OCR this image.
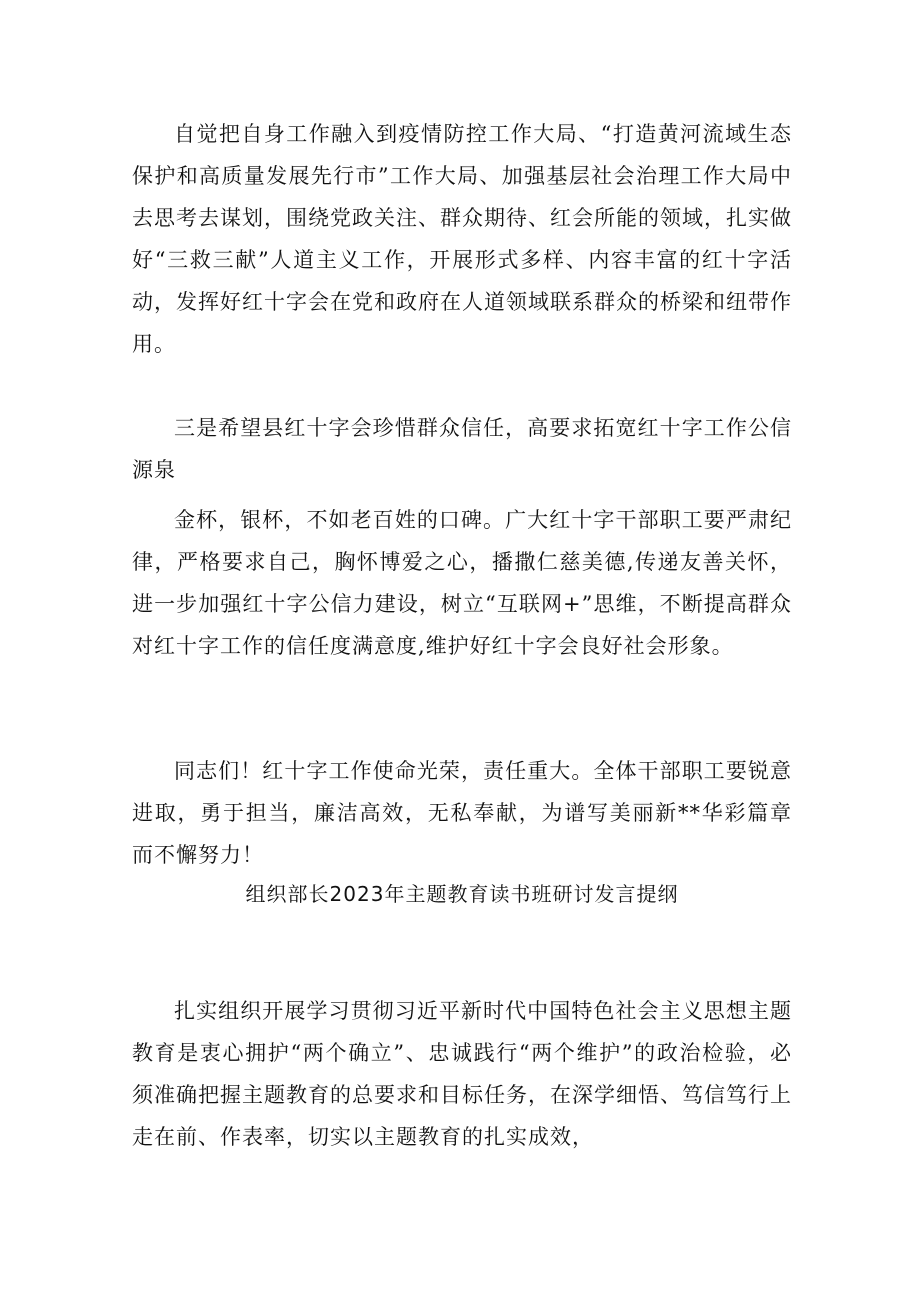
自觉把自身工作融入到疫情防控工作大局、“打造黄河流域生态保护和高质量发展先行市”工作大局、加强基层社会治理工作大局中去思考去谋划，围绕党政关注、群众期待、红会所能的领域，扎实做好“三救三献”人道主义工作，开展形式多样、内容丰富的红十字活动，发挥好红十字会在党和政府在人道领域联系群众的桥梁和纽带作用。

三是希望县红十字会珍惜群众信任，高要求拓宽红十字工作公信源泉

金杯，银杯，不如老百姓的口碑。广大红十字干部职工要严肃纪律，严格要求自己，胸怀博爱之心，播撒仁慈美德,传递友善关怀，进一步加强红十字公信力建设，树立“互联网+”思维，不断提高群众对红十字工作的信任度满意度,维护好红十字会良好社会形象。

同志们！红十字工作使命光荣，责任重大。全体干部职工要锐意进取，勇于担当，廉洁高效，无私奉献，为谱写美丽新**华彩篇章而不懈努力！

组织部长2023年主题教育读书班研讨发言提纲

扎实组织开展学习贯彻习近平新时代中国特色社会主义思想主题教育是衷心拥护“两个确立”、忠诚践行“两个维护”的政治检验，必须准确把握主题教育的总要求和目标任务，在深学细悟、笃信笃行上走在前、作表率，切实以主题教育的扎实成效，
